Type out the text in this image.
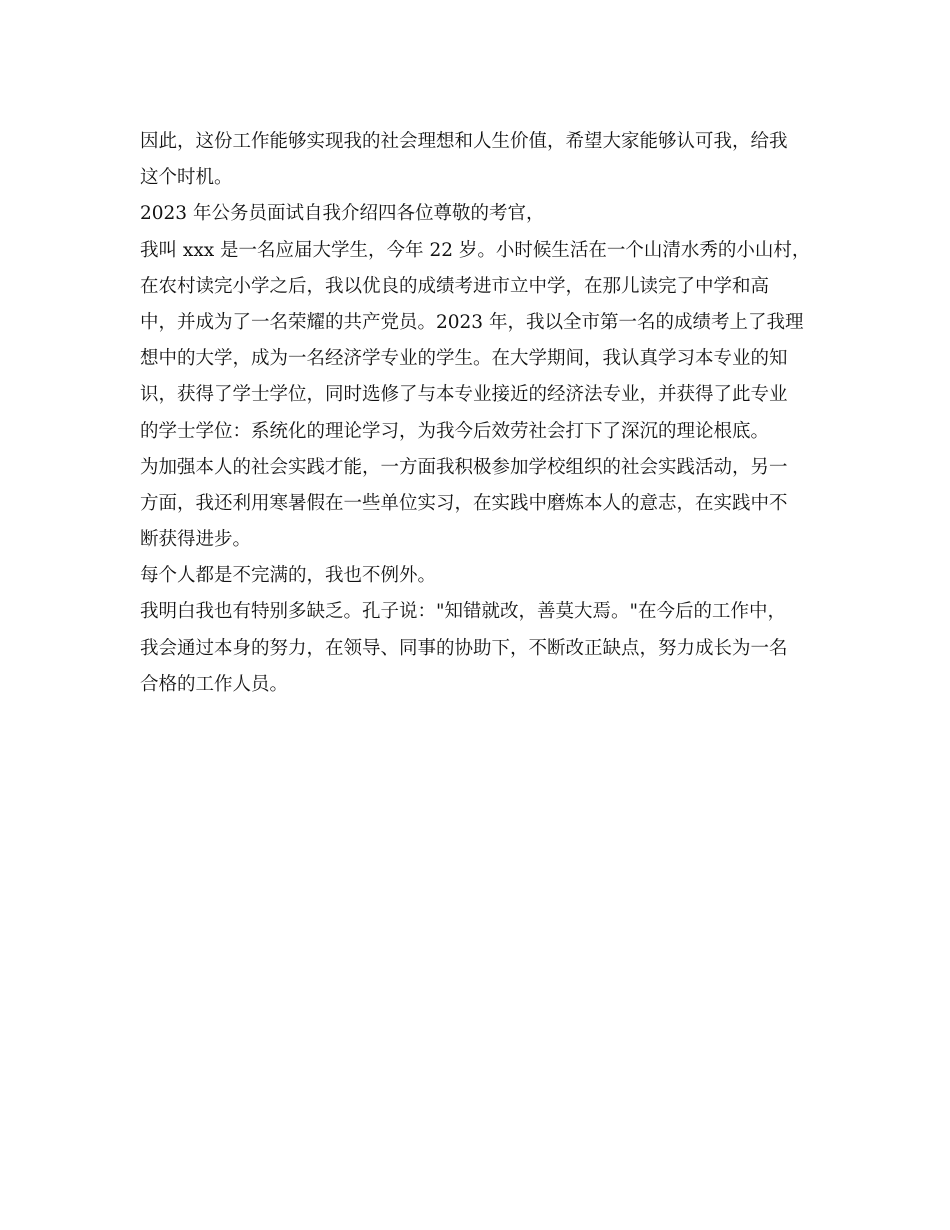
因此，这份工作能够实现我的社会理想和人生价值，希望大家能够认可我，给我
这个时机。
2023 年公务员面试自我介绍四各位尊敬的考官，
我叫 xxx 是一名应届大学生，今年 22 岁。小时候生活在一个山清水秀的小山村，
在农村读完小学之后，我以优良的成绩考进市立中学，在那儿读完了中学和高
中，并成为了一名荣耀的共产党员。2023 年，我以全市第一名的成绩考上了我理
想中的大学，成为一名经济学专业的学生。在大学期间，我认真学习本专业的知
识，获得了学士学位，同时选修了与本专业接近的经济法专业，并获得了此专业
的学士学位：系统化的理论学习，为我今后效劳社会打下了深沉的理论根底。
为加强本人的社会实践才能，一方面我积极参加学校组织的社会实践活动，另一
方面，我还利用寒暑假在一些单位实习，在实践中磨炼本人的意志，在实践中不
断获得进步。
每个人都是不完满的，我也不例外。
我明白我也有特别多缺乏。孔子说："知错就改，善莫大焉。"在今后的工作中，
我会通过本身的努力，在领导、同事的协助下，不断改正缺点，努力成长为一名
合格的工作人员。
